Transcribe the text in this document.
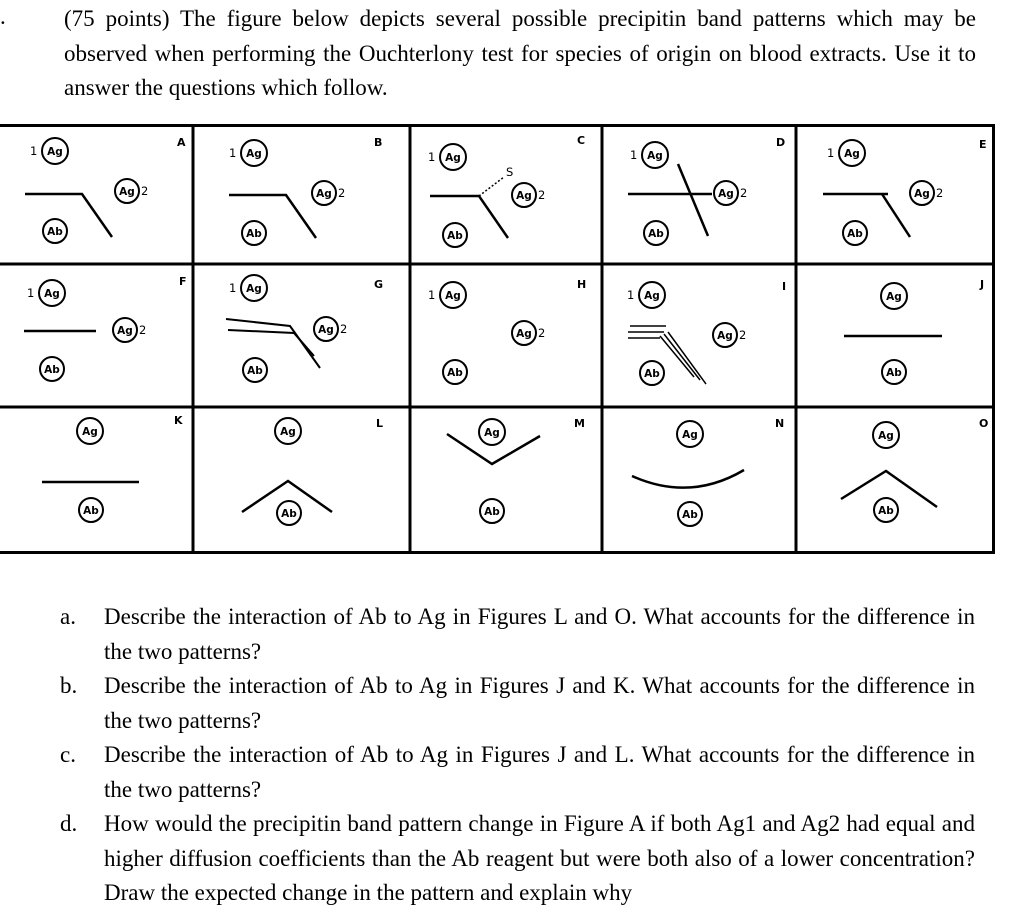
.	(75 points) The figure below depicts several possible precipitin band patterns which may be observed when performing the Ouchterlony test for species of origin on blood extracts. Use it to answer the questions which follow.
A
1 Ag
Ag 2
Ab
B
1 Ag
Ag 2
Ab
C
1 Ag
Ag 2
Ab
S
D
1 Ag
Ag 2
Ab
E
1 Ag
Ag 2
Ab
F
1 Ag
Ag 2
Ab
G
1 Ag
Ag 2
Ab
H
1 Ag
Ag 2
Ab
I
1 Ag
Ag 2
Ab
J
Ag
Ab
K
Ag
Ab
L
Ag
Ab
M
Ag
Ab
N
Ag
Ab
O
Ag
Ab
a. Describe the interaction of Ab to Ag in Figures L and O. What accounts for the difference in the two patterns?
b. Describe the interaction of Ab to Ag in Figures J and K. What accounts for the difference in the two patterns?
c. Describe the interaction of Ab to Ag in Figures J and L. What accounts for the difference in the two patterns?
d. How would the precipitin band pattern change in Figure A if both Ag1 and Ag2 had equal and higher diffusion coefficients than the Ab reagent but were both also of a lower concentration? Draw the expected change in the pattern and explain why
